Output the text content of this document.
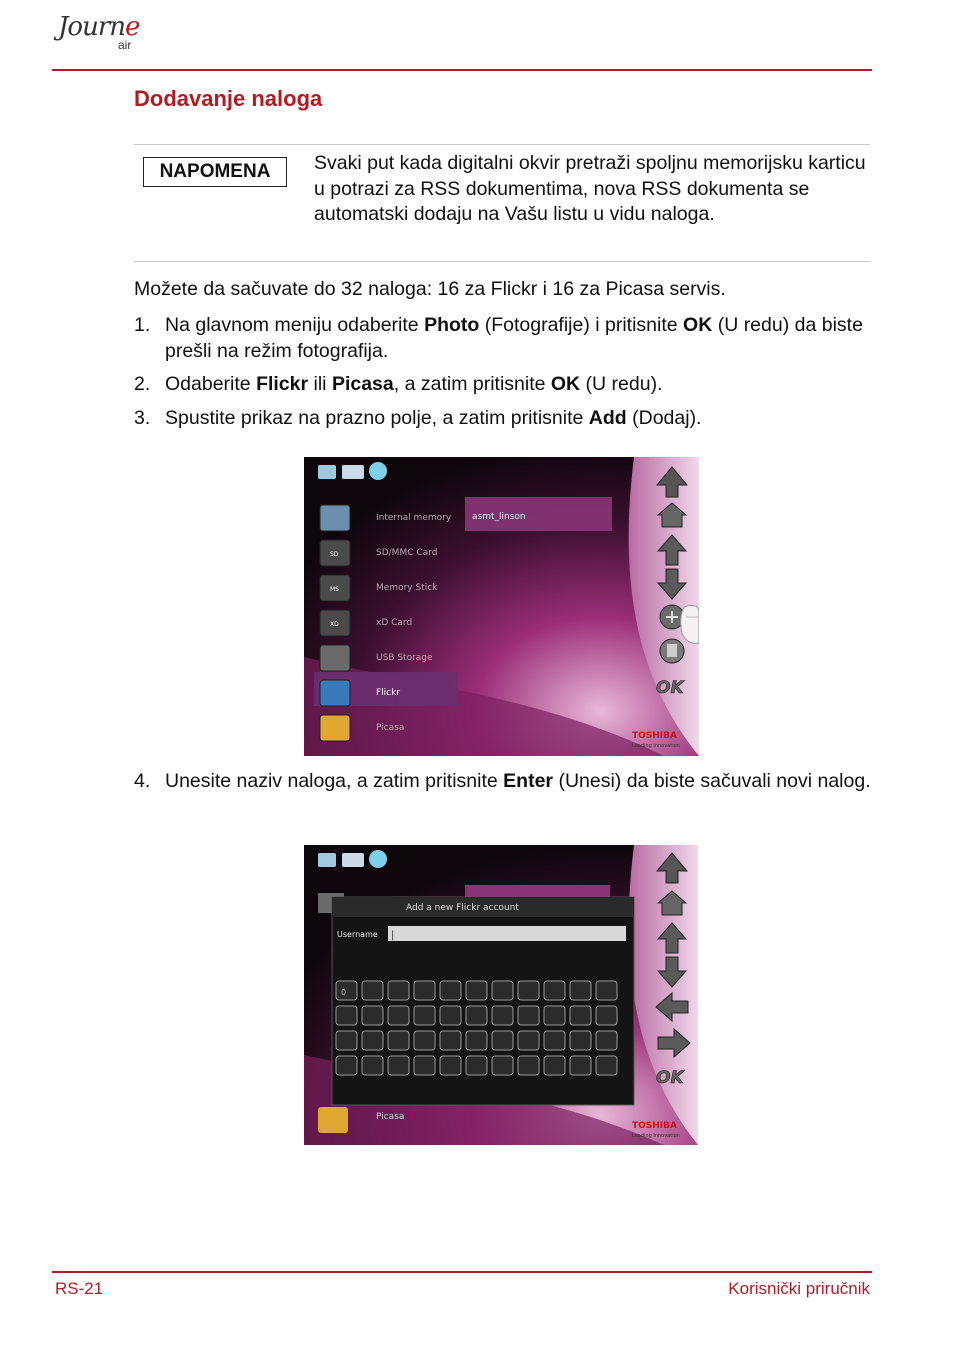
Journe
air
Dodavanje naloga
NAPOMENA	Svaki put kada digitalni okvir pretraži spoljnu memorijsku karticu u potrazi za RSS dokumentima, nova RSS dokumenta se automatski dodaju na Vašu listu u vidu naloga.
Možete da sačuvate do 32 naloga: 16 za Flickr i 16 za Picasa servis.
1. Na glavnom meniju odaberite Photo (Fotografije) i pritisnite OK (U redu) da biste prešli na režim fotografija.
2. Odaberite Flickr ili Picasa, a zatim pritisnite OK (U redu).
3. Spustite prikaz na prazno polje, a zatim pritisnite Add (Dodaj).
SD
MS
XD
Internal memory
SD/MMC Card
Memory Stick
xD Card
USB Storage
Flickr
Picasa
asmt_linson
OK
TOSHIBA
Leading Innovation
4. Unesite naziv naloga, a zatim pritisnite Enter (Unesi) da biste sačuvali novi nalog.
Picasa
Add a new Flickr account
Username |
0
OK
TOSHIBA
Leading Innovation
RS-21	Korisnički priručnik
